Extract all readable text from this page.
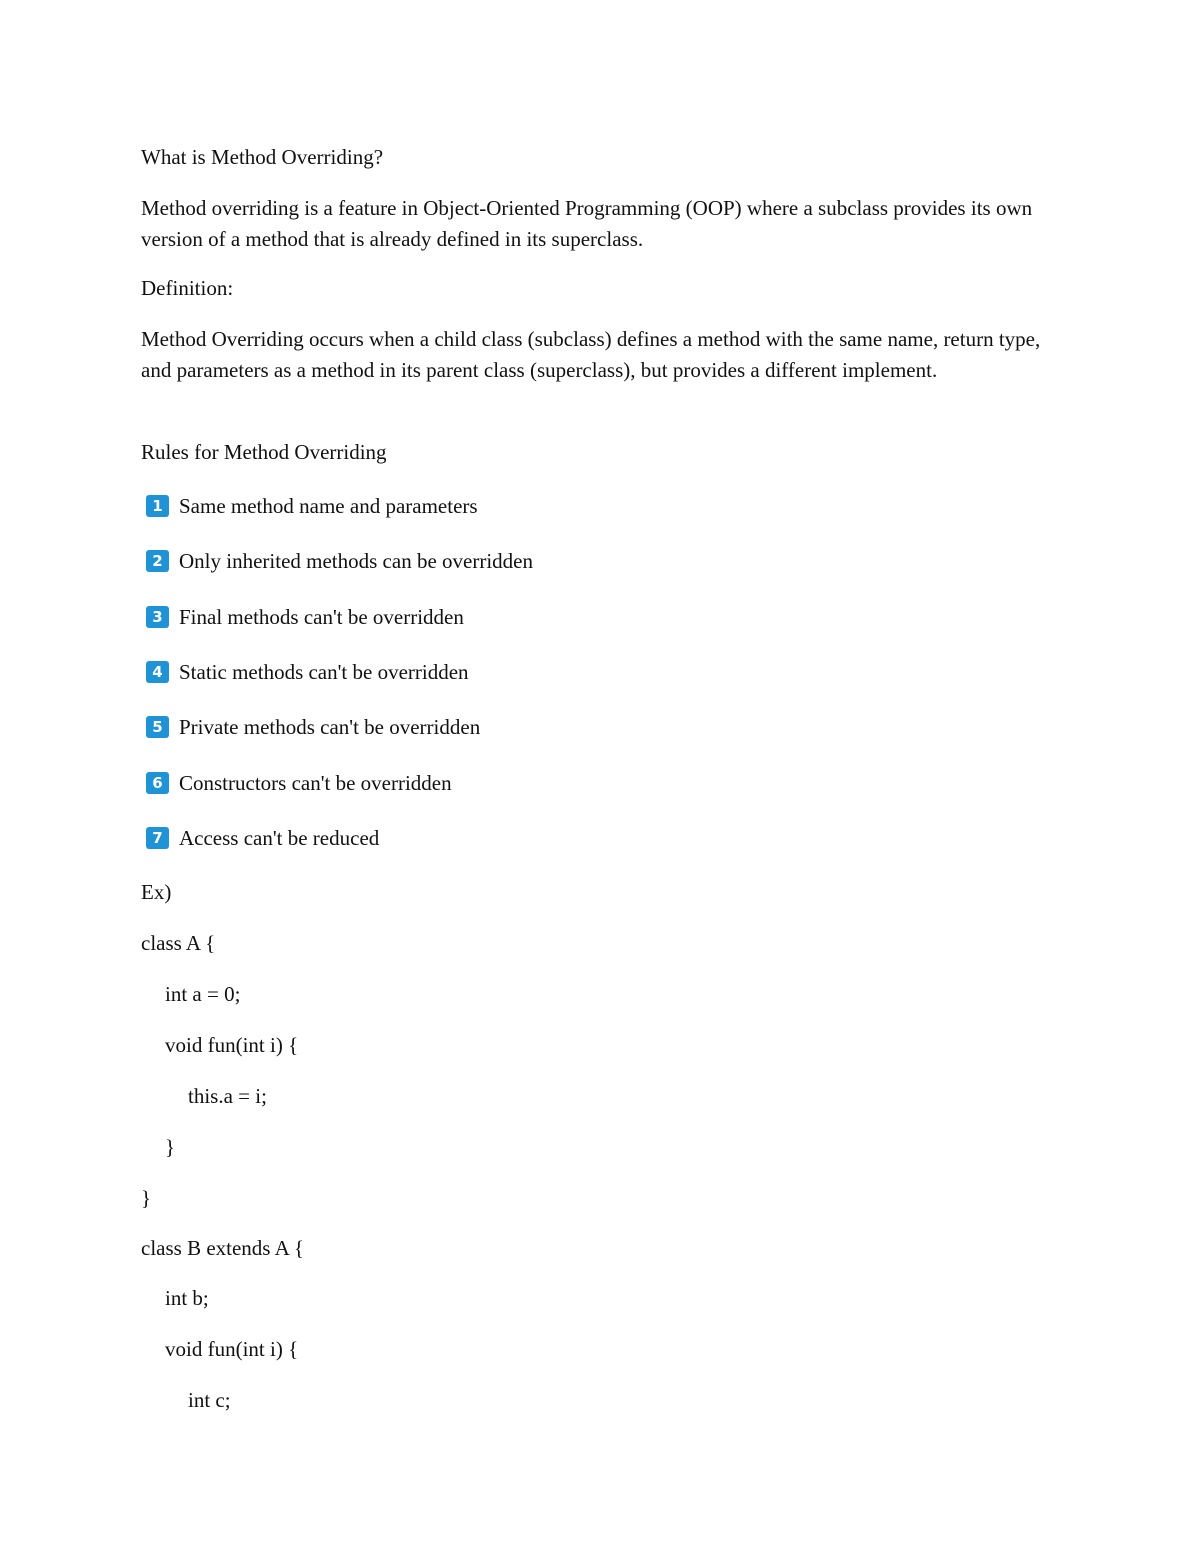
What is Method Overriding?

Method overriding is a feature in Object-Oriented Programming (OOP) where a subclass provides its own version of a method that is already defined in its superclass.

Definition:

Method Overriding occurs when a child class (subclass) defines a method with the same name, return type, and parameters as a method in its parent class (superclass), but provides a different implement.

Rules for Method Overriding

1 Same method name and parameters
2 Only inherited methods can be overridden
3 Final methods can't be overridden
4 Static methods can't be overridden
5 Private methods can't be overridden
6 Constructors can't be overridden
7 Access can't be reduced

Ex)

class A {
int a = 0;
void fun(int i) {
this.a = i;
}
}
class B extends A {
int b;
void fun(int i) {
int c;
